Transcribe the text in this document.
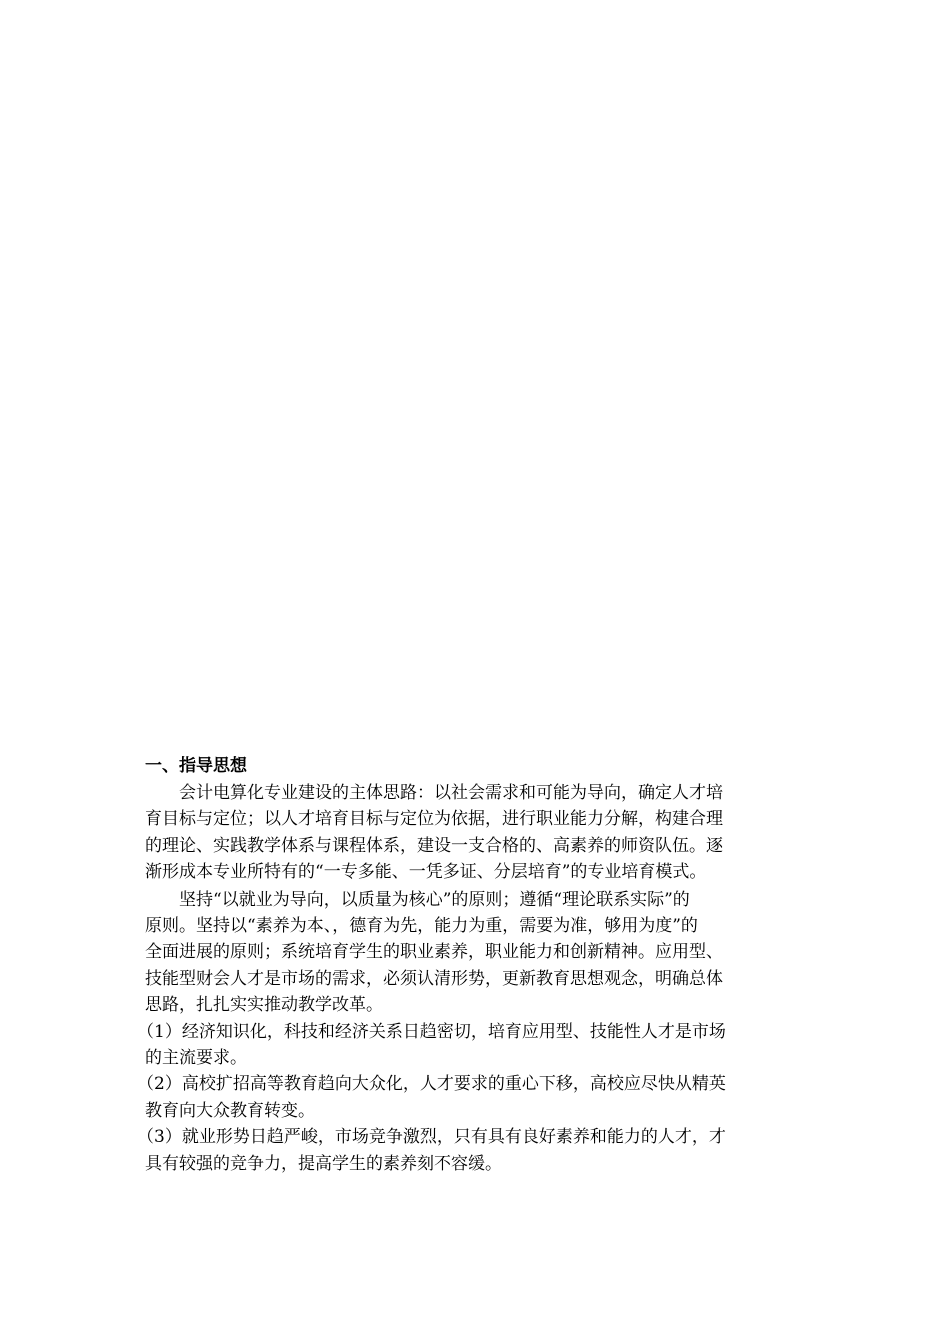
一、指导思想
会计电算化专业建设的主体思路：以社会需求和可能为导向，确定人才培
育目标与定位；以人才培育目标与定位为依据，进行职业能力分解，构建合理
的理论、实践教学体系与课程体系，建设一支合格的、高素养的师资队伍。逐
渐形成本专业所特有的“一专多能、一凭多证、分层培育”的专业培育模式。
坚持“以就业为导向，以质量为核心”的原则；遵循“理论联系实际”的
原则。坚持以“素养为本、，德育为先，能力为重，需要为准，够用为度”的
全面进展的原则；系统培育学生的职业素养，职业能力和创新精神。应用型、
技能型财会人才是市场的需求，必须认清形势，更新教育思想观念，明确总体
思路，扎扎实实推动教学改革。
（1）经济知识化，科技和经济关系日趋密切，培育应用型、技能性人才是市场
的主流要求。
（2）高校扩招高等教育趋向大众化，人才要求的重心下移，高校应尽快从精英
教育向大众教育转变。
（3）就业形势日趋严峻，市场竞争激烈，只有具有良好素养和能力的人才，才
具有较强的竞争力，提高学生的素养刻不容缓。
